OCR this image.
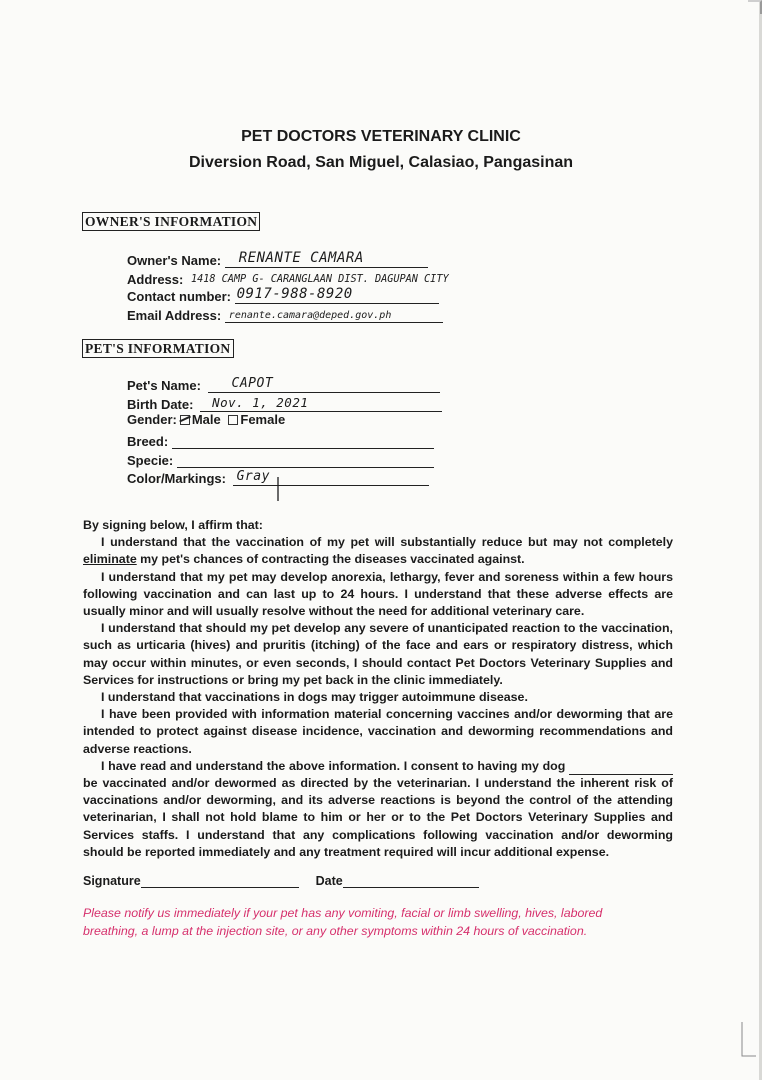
PET DOCTORS VETERINARY CLINIC
Diversion Road, San Miguel, Calasiao, Pangasinan
OWNER'S INFORMATION
Owner's Name: RENANTE CAMARA
Address: 1418 CAMP G- CARANGLAAN DIST. DAGUPAN CITY
Contact number: 0917-988-8920
Email Address: renante.camara@deped.gov.ph
PET'S INFORMATION
Pet's Name: CAPOT
Birth Date: Nov. 1, 2021
Gender: Male Female
Breed:
Specie:
Color/Markings: Gray

By signing below, I affirm that:

I understand that the vaccination of my pet will substantially reduce but may not completely eliminate my pet's chances of contracting the diseases vaccinated against.

I understand that my pet may develop anorexia, lethargy, fever and soreness within a few hours following vaccination and can last up to 24 hours. I understand that these adverse effects are usually minor and will usually resolve without the need for additional veterinary care.

I understand that should my pet develop any severe of unanticipated reaction to the vaccination, such as urticaria (hives) and pruritis (itching) of the face and ears or respiratory distress, which may occur within minutes, or even seconds, I should contact Pet Doctors Veterinary Supplies and Services for instructions or bring my pet back in the clinic immediately.

I understand that vaccinations in dogs may trigger autoimmune disease.

I have been provided with information material concerning vaccines and/or deworming that are intended to protect against disease incidence, vaccination and deworming recommendations and adverse reactions.

I have read and understand the above information. I consent to having my dog  be vaccinated and/or dewormed as directed by the veterinarian. I understand the inherent risk of vaccinations and/or deworming, and its adverse reactions is beyond the control of the attending veterinarian, I shall not hold blame to him or her or to the Pet Doctors Veterinary Supplies and Services staffs. I understand that any complications following vaccination and/or deworming should be reported immediately and any treatment required will incur additional expense.

Signature	Date
Please notify us immediately if your pet has any vomiting, facial or limb swelling, hives, labored breathing, a lump at the injection site, or any other symptoms within 24 hours of vaccination.
